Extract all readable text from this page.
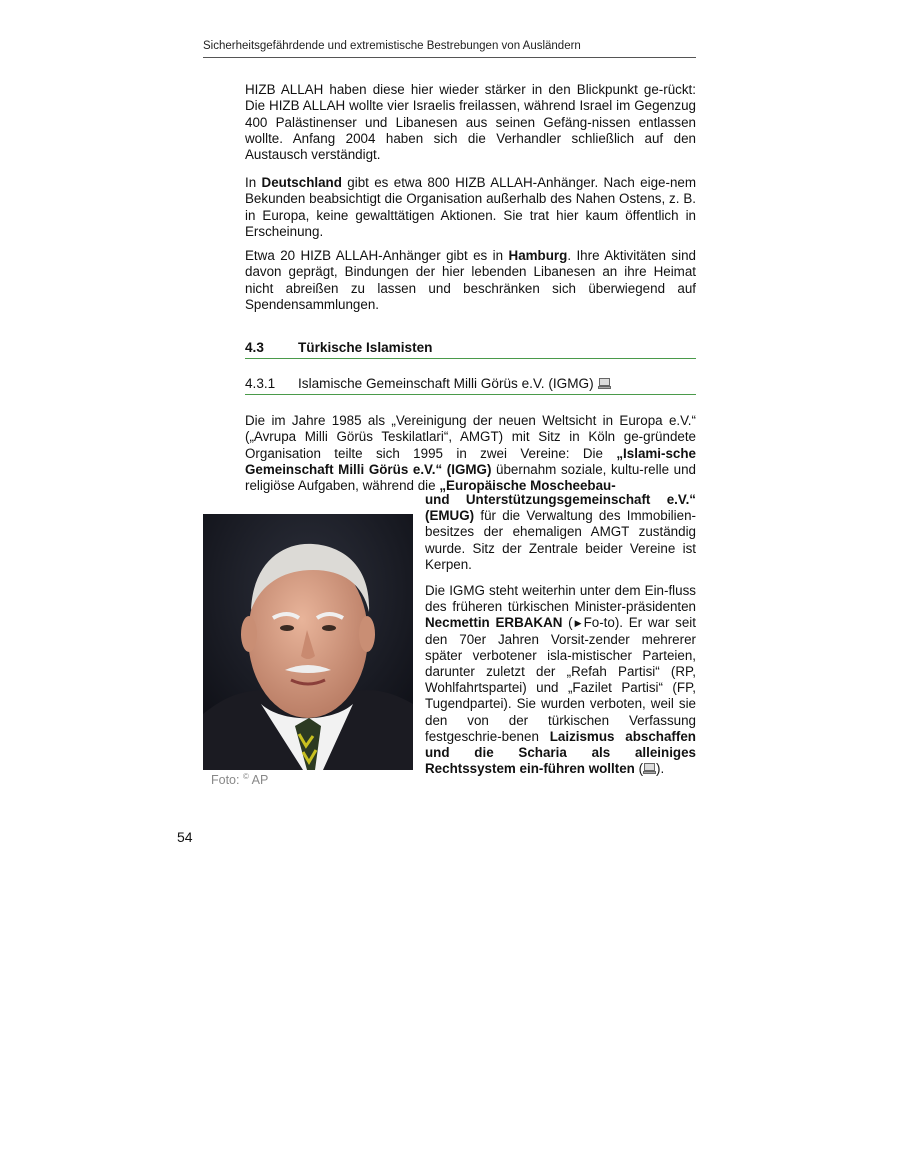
Sicherheitsgefährdende und extremistische Bestrebungen von Ausländern

HIZB ALLAH haben diese hier wieder stärker in den Blickpunkt ge-rückt: Die HIZB ALLAH wollte vier Israelis freilassen, während Israel im Gegenzug 400 Palästinenser und Libanesen aus seinen Gefäng-nissen entlassen wollte. Anfang 2004 haben sich die Verhandler schließlich auf den Austausch verständigt.

In Deutschland gibt es etwa 800 HIZB ALLAH-Anhänger. Nach eige-nem Bekunden beabsichtigt die Organisation außerhalb des Nahen Ostens, z. B. in Europa, keine gewalttätigen Aktionen. Sie trat hier kaum öffentlich in Erscheinung.

Etwa 20 HIZB ALLAH-Anhänger gibt es in Hamburg. Ihre Aktivitäten sind davon geprägt, Bindungen der hier lebenden Libanesen an ihre Heimat nicht abreißen zu lassen und beschränken sich überwiegend auf Spendensammlungen.

4.3	Türkische Islamisten
4.3.1 Islamische Gemeinschaft Milli Görüs e.V. (IGMG)

Die im Jahre 1985 als „Vereinigung der neuen Weltsicht in Europa e.V.“ („Avrupa Milli Görüs Teskilatlari“, AMGT) mit Sitz in Köln ge-gründete Organisation teilte sich 1995 in zwei Vereine: Die „Islami-sche Gemeinschaft Milli Görüs e.V.“ (IGMG) übernahm soziale, kultu-relle und religiöse Aufgaben, während die „Europäische Moscheebau-

Foto: © AP

und Unterstützungsgemeinschaft e.V.“ (EMUG) für die Verwaltung des Immobilien-besitzes der ehemaligen AMGT zuständig wurde. Sitz der Zentrale beider Vereine ist Kerpen.

Die IGMG steht weiterhin unter dem Ein-fluss des früheren türkischen Minister-präsidenten Necmettin ERBAKAN (▶Fo-to). Er war seit den 70er Jahren Vorsit-zender mehrerer später verbotener isla-mistischer Parteien, darunter zuletzt der „Refah Partisi“ (RP, Wohlfahrtspartei) und „Fazilet Partisi“ (FP, Tugendpartei). Sie wurden verboten, weil sie den von der türkischen Verfassung festgeschrie-benen Laizismus abschaffen und die Scharia als alleiniges Rechtssystem ein-führen wollten ( ).

54
